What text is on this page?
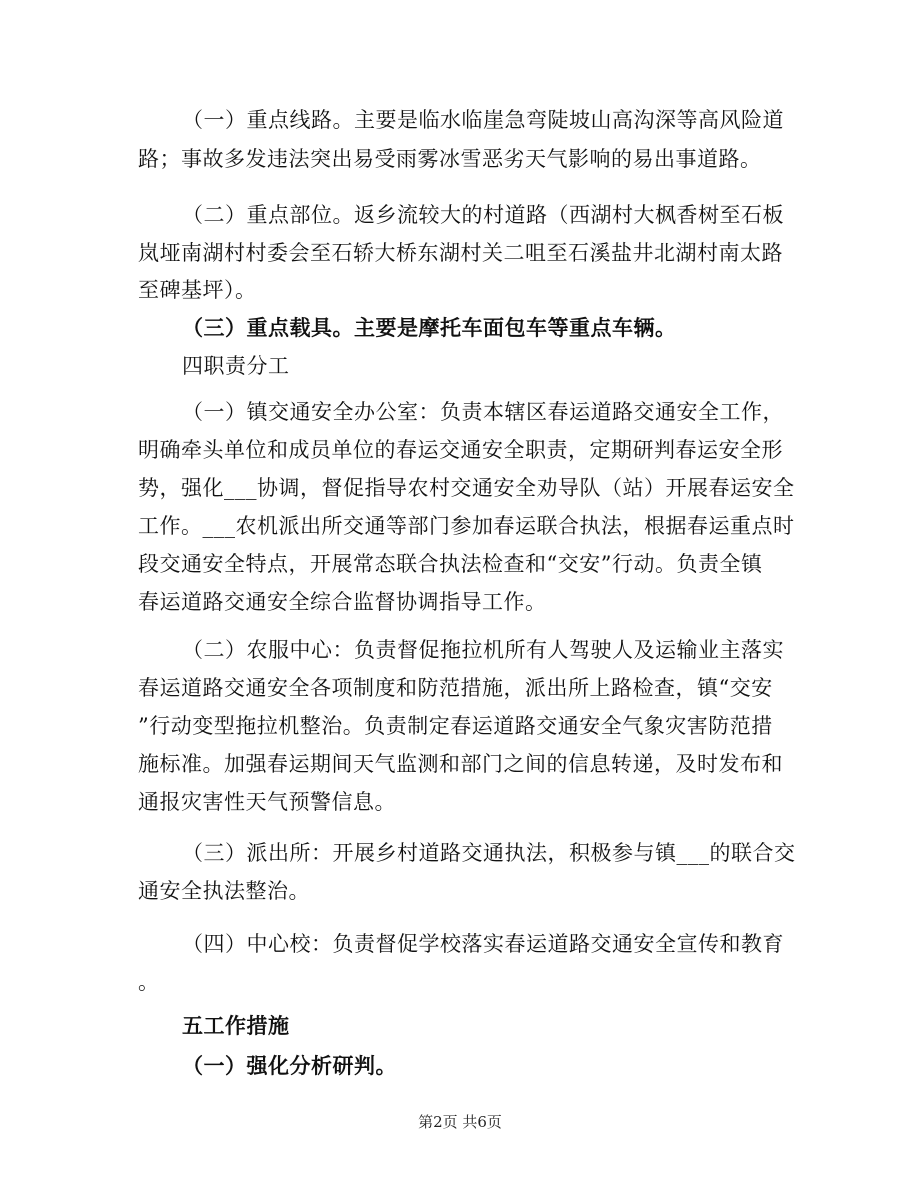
（一）重点线路。主要是临水临崖急弯陡坡山高沟深等高风险道
路；事故多发违法突出易受雨雾冰雪恶劣天气影响的易出事道路。
（二）重点部位。返乡流较大的村道路（西湖村大枫香树至石板
岚垭南湖村村委会至石轿大桥东湖村关二咀至石溪盐井北湖村南太路
至碑基坪）。
（三）重点载具。主要是摩托车面包车等重点车辆。
四职责分工
（一）镇交通安全办公室：负责本辖区春运道路交通安全工作，
明确牵头单位和成员单位的春运交通安全职责，定期研判春运安全形
势，强化___协调，督促指导农村交通安全劝导队（站）开展春运安全
工作。___农机派出所交通等部门参加春运联合执法，根据春运重点时
段交通安全特点，开展常态联合执法检查和“交安”行动。负责全镇
春运道路交通安全综合监督协调指导工作。
（二）农服中心：负责督促拖拉机所有人驾驶人及运输业主落实
春运道路交通安全各项制度和防范措施，派出所上路检查，镇“交安
”行动变型拖拉机整治。负责制定春运道路交通安全气象灾害防范措
施标准。加强春运期间天气监测和部门之间的信息转递，及时发布和
通报灾害性天气预警信息。
（三）派出所：开展乡村道路交通执法，积极参与镇___的联合交
通安全执法整治。
（四）中心校：负责督促学校落实春运道路交通安全宣传和教育
。
五工作措施
（一）强化分析研判。
第2页 共6页
